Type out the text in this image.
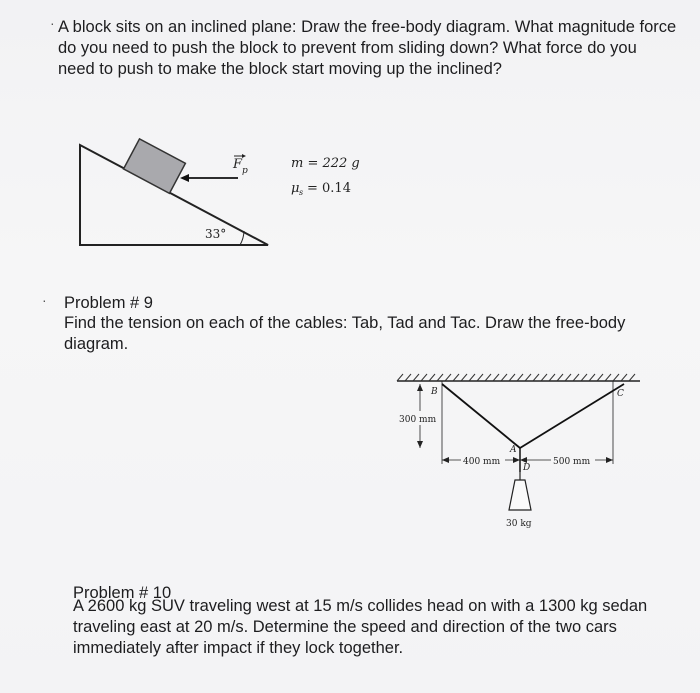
· A block sits on an inclined plane: Draw the free-body diagram. What magnitude force do you need to push the block to prevent from sliding down? What force do you need to push to make the block start moving up the inclined?

F p
33°
m = 222 g
μ s = 0.14
· Problem # 9

Find the tension on each of the cables: Tab, Tad and Tac. Draw the free-body diagram.

B	C
A
D
300 mm
400 mm	500 mm
30 kg

Problem # 10

A 2600 kg SUV traveling west at 15 m/s collides head on with a 1300 kg sedan traveling east at 20 m/s. Determine the speed and direction of the two cars immediately after impact if they lock together.
